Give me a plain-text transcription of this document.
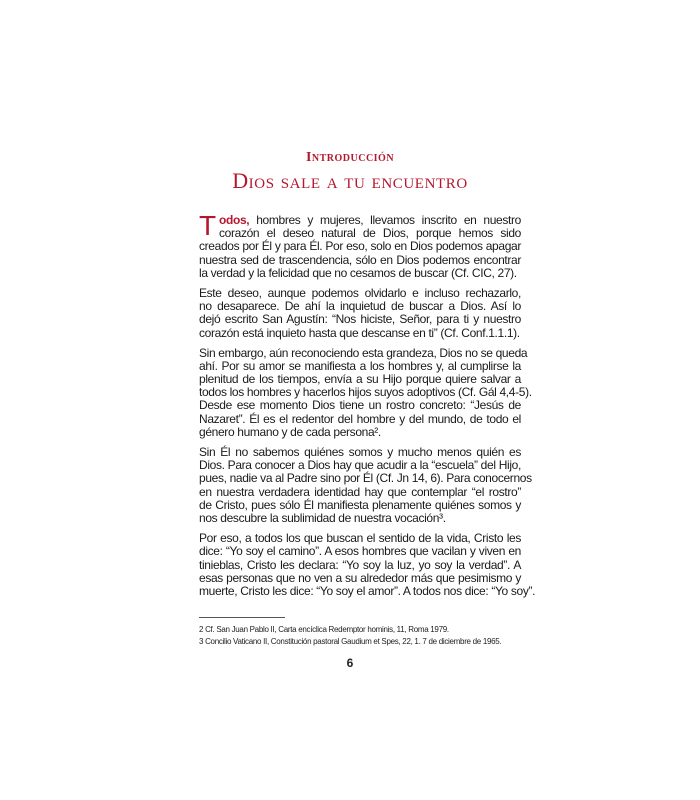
Introducción
Dios sale a tu encuentro
T odos, hombres y mujeres, llevamos inscrito en nuestro
corazón el deseo natural de Dios, porque hemos sido
creados por Él y para Él. Por eso, solo en Dios podemos apagar
nuestra sed de trascendencia, sólo en Dios podemos encontrar
la verdad y la felicidad que no cesamos de buscar (Cf. CIC, 27).
Este deseo, aunque podemos olvidarlo e incluso rechazarlo,
no desaparece. De ahí la inquietud de buscar a Dios. Así lo
dejó escrito San Agustín: “Nos hiciste, Señor, para ti y nuestro
corazón está inquieto hasta que descanse en ti” (Cf. Conf.1.1.1).
Sin embargo, aún reconociendo esta grandeza, Dios no se queda
ahí. Por su amor se manifiesta a los hombres y, al cumplirse la
plenitud de los tiempos, envía a su Hijo porque quiere salvar a
todos los hombres y hacerlos hijos suyos adoptivos (Cf. Gál 4,4-5).
Desde ese momento Dios tiene un rostro concreto: “Jesús de
Nazaret”. Él es el redentor del hombre y del mundo, de todo el
género humano y de cada persona².
Sin Él no sabemos quiénes somos y mucho menos quién es
Dios. Para conocer a Dios hay que acudir a la “escuela” del Hijo,
pues, nadie va al Padre sino por Él (Cf. Jn 14, 6). Para conocernos
en nuestra verdadera identidad hay que contemplar “el rostro”
de Cristo, pues sólo Él manifiesta plenamente quiénes somos y
nos descubre la sublimidad de nuestra vocación³.
Por eso, a todos los que buscan el sentido de la vida, Cristo les
dice: “Yo soy el camino”. A esos hombres que vacilan y viven en
tinieblas, Cristo les declara: “Yo soy la luz, yo soy la verdad”. A
esas personas que no ven a su alrededor más que pesimismo y
muerte, Cristo les dice: “Yo soy el amor”. A todos nos dice: “Yo soy”.
2 Cf. San Juan Pablo II, Carta encíclica Redemptor hominis, 11, Roma 1979.
3 Concilio Vaticano II, Constitución pastoral Gaudium et Spes, 22, 1. 7 de diciembre de 1965.
6
